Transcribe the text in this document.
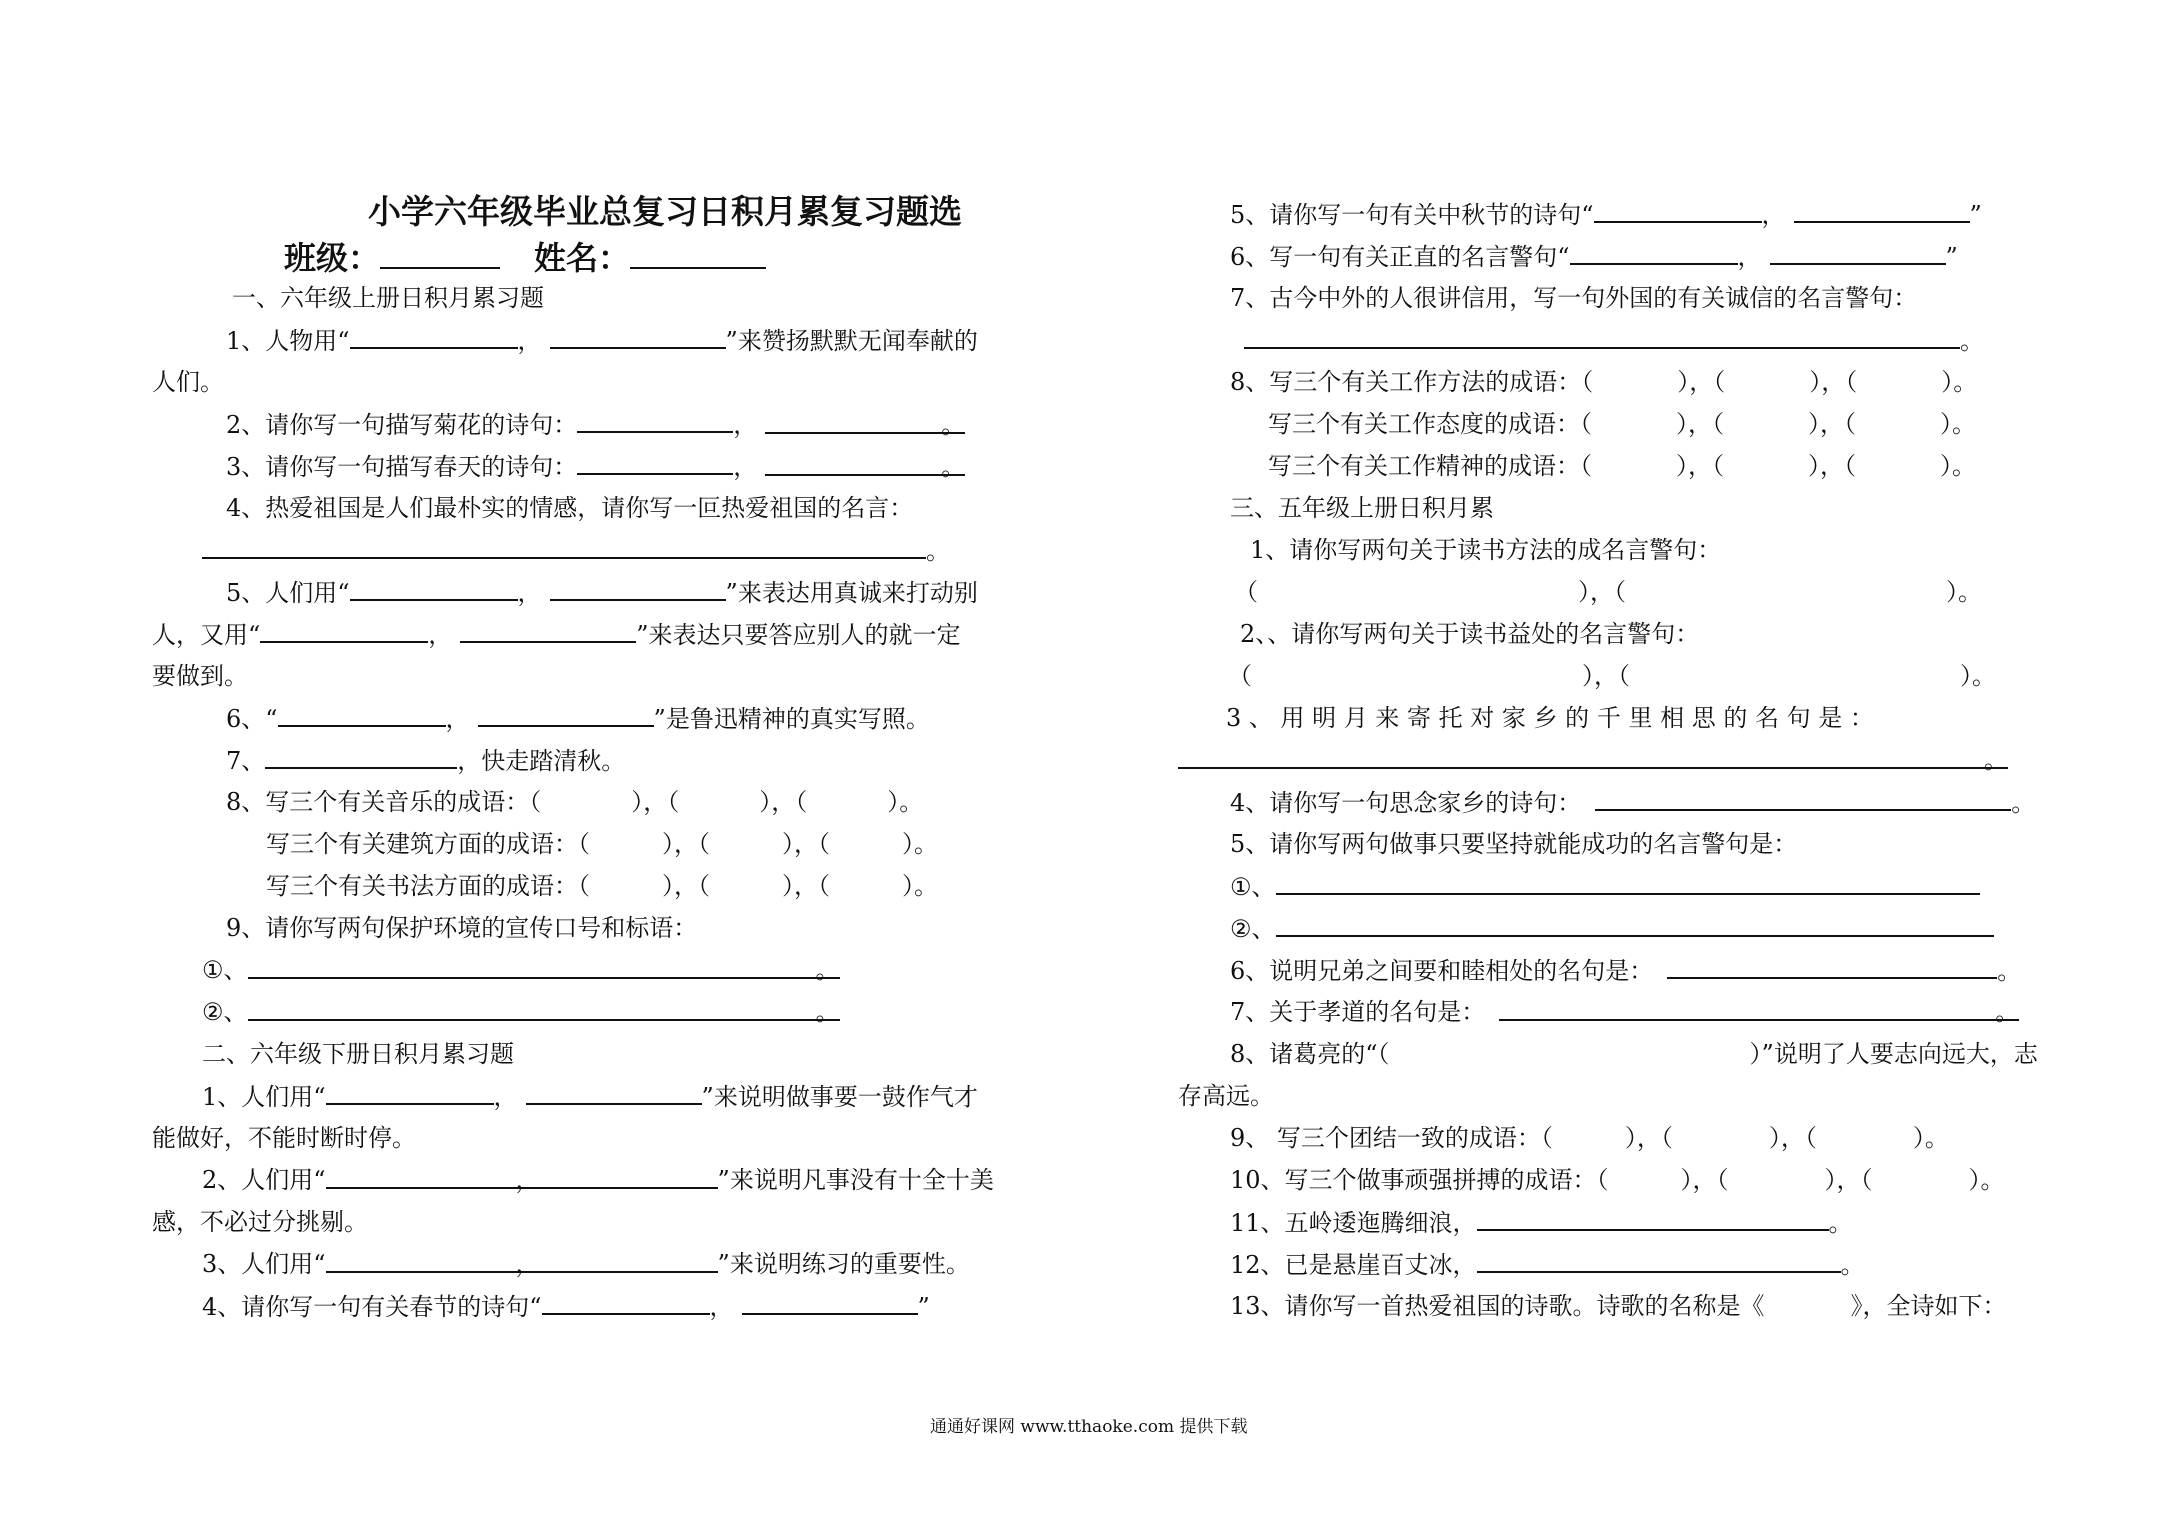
小学六年级毕业总复习日积月累复习题选
班级：	姓名：
一、六年级上册日积月累习题
1、人物用“	，	”来赞扬默默无闻奉献的
人们。
2、请你写一句描写菊花的诗句：	，	。
3、请你写一句描写春天的诗句：	，	。
4、热爱祖国是人们最朴实的情感，请你写一叵热爱祖国的名言：
。
5、人们用“	，	”来表达用真诚来打动别
人，又用“	，	”来表达只要答应别人的就一定
要做到。
6、“	，	”是鲁迅精神的真实写照。
7、	，快走踏清秋。
8、写三个有关音乐的成语：（	），（	），（	）。
写三个有关建筑方面的成语：（	），（	），（	）。
写三个有关书法方面的成语：（	），（	），（	）。
9、请你写两句保护环境的宣传口号和标语：
①、	。
②、	。
二、六年级下册日积月累习题
1、人们用“	，	”来说明做事要一鼓作气才
能做好，不能时断时停。
2、人们用“	，	”来说明凡事没有十全十美
感，不必过分挑剔。
3、人们用“	，	”来说明练习的重要性。
4、请你写一句有关春节的诗句“	，	”
5、请你写一句有关中秋节的诗句“	，	”
6、写一句有关正直的名言警句“	，	”
7、古今中外的人很讲信用，写一句外国的有关诚信的名言警句：
。
8、写三个有关工作方法的成语：（	），（	），（	）。
写三个有关工作态度的成语：（	），（	），（	）。
写三个有关工作精神的成语：（	），（	），（	）。
三、五年级上册日积月累
1、请你写两句关于读书方法的成名言警句：
（	），（	）。
2、、请你写两句关于读书益处的名言警句：
（	），（	）。
3 、 用 明 月 来 寄 托 对 家 乡 的 千 里 相 思 的 名 句 是 ：
。
4、请你写一句思念家乡的诗句：	。
5、请你写两句做事只要坚持就能成功的名言警句是：
①、
②、
6、说明兄弟之间要和睦相处的名句是：	。
7、关于孝道的名句是：	。
8、诸葛亮的“（	）”说明了人要志向远大，志
存高远。
9、 写三个团结一致的成语：（	），（	），（	）。
10、写三个做事顽强拼搏的成语：（	），（	），（	）。
11、五岭逶迤腾细浪，	。
12、已是悬崖百丈冰，	。
13、请你写一首热爱祖国的诗歌。诗歌的名称是《	》，全诗如下：
通通好课网 www.tthaoke.com 提供下载
